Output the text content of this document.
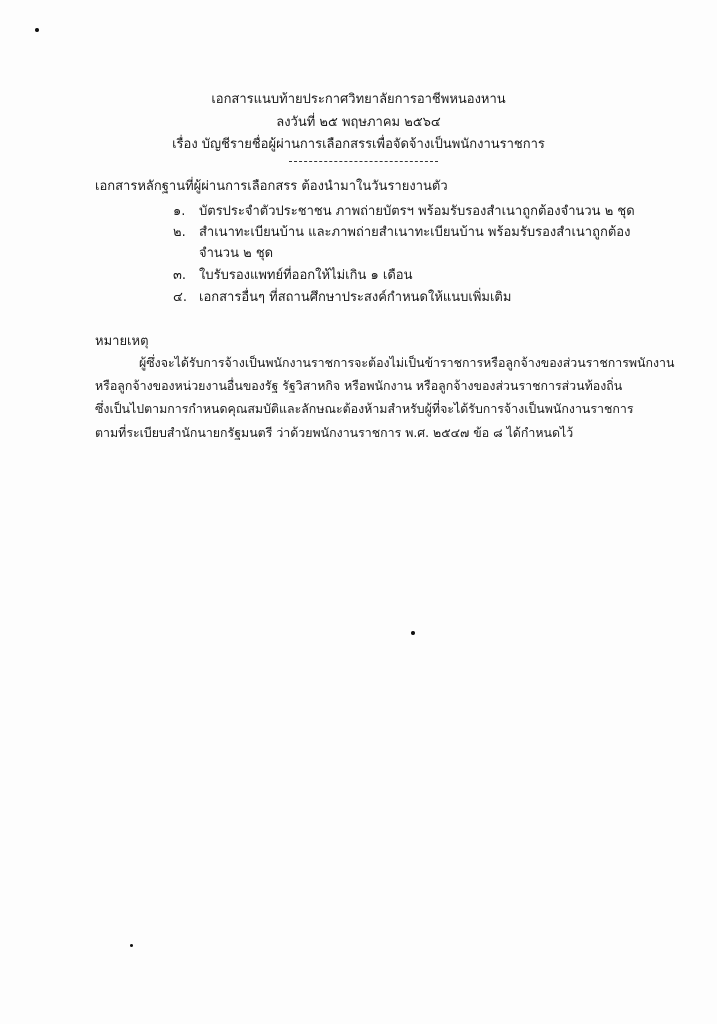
เอกสารแนบท้ายประกาศวิทยาลัยการอาชีพหนองหาน
ลงวันที่ ๒๕ พฤษภาคม ๒๕๖๔
เรื่อง บัญชีรายชื่อผู้ผ่านการเลือกสรรเพื่อจัดจ้างเป็นพนักงานราชการ
เอกสารหลักฐานที่ผู้ผ่านการเลือกสรร ต้องนำมาในวันรายงานตัว
๑. บัตรประจำตัวประชาชน ภาพถ่ายบัตรฯ พร้อมรับรองสำเนาถูกต้องจำนวน ๒ ชุด
๒. สำเนาทะเบียนบ้าน และภาพถ่ายสำเนาทะเบียนบ้าน พร้อมรับรองสำเนาถูกต้อง
จำนวน ๒ ชุด
๓. ใบรับรองแพทย์ที่ออกให้ไม่เกิน ๑ เดือน
๔. เอกสารอื่นๆ ที่สถานศึกษาประสงค์กำหนดให้แนบเพิ่มเติม
หมายเหตุ
ผู้ซึ่งจะได้รับการจ้างเป็นพนักงานราชการจะต้องไม่เป็นข้าราชการหรือลูกจ้างของส่วนราชการพนักงาน
หรือลูกจ้างของหน่วยงานอื่นของรัฐ รัฐวิสาหกิจ หรือพนักงาน หรือลูกจ้างของส่วนราชการส่วนท้องถิ่น
ซึ่งเป็นไปตามการกำหนดคุณสมบัติและลักษณะต้องห้ามสำหรับผู้ที่จะได้รับการจ้างเป็นพนักงานราชการ
ตามที่ระเบียบสำนักนายกรัฐมนตรี ว่าด้วยพนักงานราชการ พ.ศ. ๒๕๔๗ ข้อ ๘ ได้กำหนดไว้
